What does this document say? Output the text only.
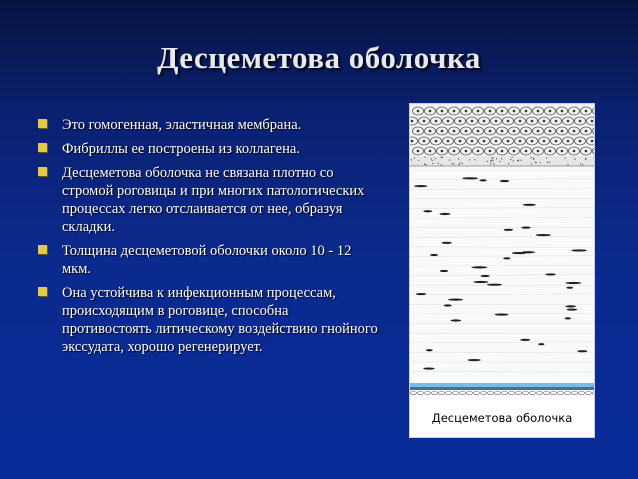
Десцеметова оболочка
Это гомогенная, эластичная мембрана.
Фибриллы ее построены из коллагена.
Десцеметова оболочка не связана плотно со стромой роговицы и при многих патологических процессах легко отслаивается от нее, образуя складки.
Толщина десцеметовой оболочки около 10 - 12 мкм.
Она устойчива к инфекционным процессам, происходящим в роговице, способна противостоять литическому воздействию гнойного экссудата, хорошо регенерирует.
Десцеметова оболочка
